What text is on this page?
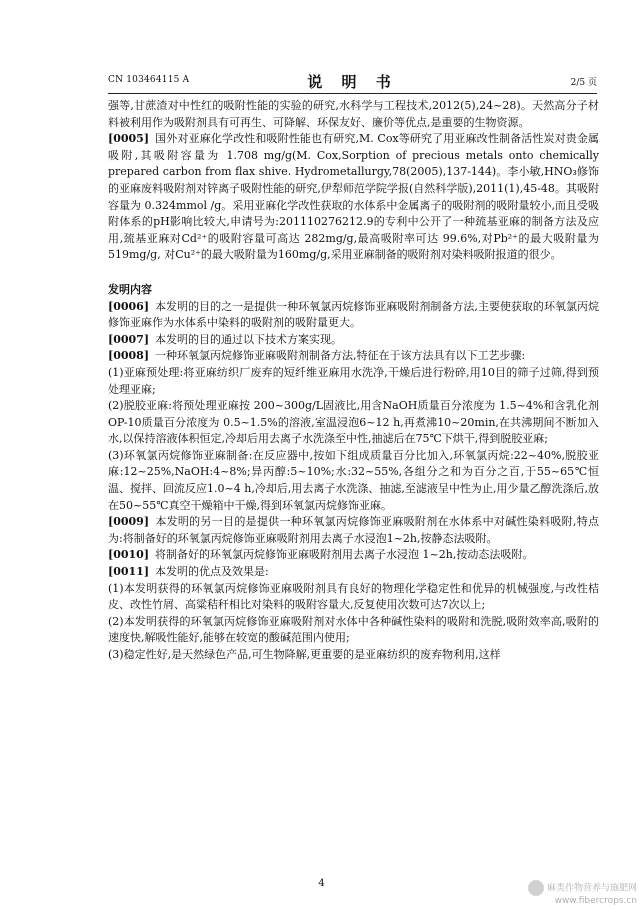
CN 103464115 A	说 明 书	2/5 页

强等,甘蔗渣对中性红的吸附性能的实验的研究,水科学与工程技术,2012(5),24~28)。天然高分子材料被利用作为吸附剂具有可再生、可降解、环保友好、廉价等优点,是重要的生物资源。

[0005] 国外对亚麻化学改性和吸附性能也有研究,M. Cox等研究了用亚麻改性制备活性炭对贵金属吸附,其吸附容量为 1.708 mg/g(M. Cox,Sorption of precious metals onto chemically prepared carbon from flax shive. Hydrometallurgy,78(2005),137-144)。李小敏,HNO₃修饰的亚麻废料吸附剂对锌离子吸附性能的研究,伊犁师范学院学报(自然科学版),2011(1),45-48。其吸附容量为 0.324mmol /g。采用亚麻化学改性获取的水体系中金属离子的吸附剂的吸附量较小,而且受吸附体系的pH影响比较大,申请号为:201110276212.9的专利中公开了一种巯基亚麻的制备方法及应用,巯基亚麻对Cd²⁺的吸附容量可高达 282mg/g,最高吸附率可达 99.6%,对Pb²⁺的最大吸附量为 519mg/g, 对Cu²⁺的最大吸附量为160mg/g,采用亚麻制备的吸附剂对染料吸附报道的很少。

发明内容

[0006] 本发明的目的之一是提供一种环氧氯丙烷修饰亚麻吸附剂制备方法,主要使获取的环氧氯丙烷修饰亚麻作为水体系中染料的吸附剂的吸附量更大。

[0007] 本发明的目的通过以下技术方案实现。

[0008] 一种环氧氯丙烷修饰亚麻吸附剂制备方法,特征在于该方法具有以下工艺步骤:

(1)亚麻预处理:将亚麻纺织厂废弃的短纤维亚麻用水洗净,干燥后进行粉碎,用10目的筛子过筛,得到预处理亚麻;

(2)脱胶亚麻:将预处理亚麻按 200~300g/L固液比,用含NaOH质量百分浓度为 1.5~4%和含乳化剂OP-10质量百分浓度为 0.5~1.5%的溶液,室温浸泡6~12 h,再煮沸10~20min,在共沸期间不断加入水,以保持溶液体积恒定,冷却后用去离子水洗涤至中性,抽滤后在75℃下烘干,得到脱胶亚麻;

(3)环氧氯丙烷修饰亚麻制备:在反应器中,按如下组成质量百分比加入,环氧氯丙烷:22~40%,脱胶亚麻:12~25%,NaOH:4~8%;异丙醇:5~10%;水:32~55%,各组分之和为百分之百,于55~65℃恒温、搅拌、回流反应1.0~4 h,冷却后,用去离子水洗涤、抽滤,至滤液呈中性为止,用少量乙醇洗涤后,放在50~55℃真空干燥箱中干燥,得到环氧氯丙烷修饰亚麻。

[0009] 本发明的另一目的是提供一种环氧氯丙烷修饰亚麻吸附剂在水体系中对碱性染料吸附,特点为:将制备好的环氧氯丙烷修饰亚麻吸附剂用去离子水浸泡1~2h,按静态法吸附。

[0010] 将制备好的环氧氯丙烷修饰亚麻吸附剂用去离子水浸泡 1~2h,按动态法吸附。

[0011] 本发明的优点及效果是:

(1)本发明获得的环氧氯丙烷修饰亚麻吸附剂具有良好的物理化学稳定性和优异的机械强度,与改性桔皮、改性竹屑、高粱秸秆相比对染料的吸附容量大,反复使用次数可达7次以上;

(2)本发明获得的环氧氯丙烷修饰亚麻吸附剂对水体中各种碱性染料的吸附和洗脱,吸附效率高,吸附的速度快,解吸性能好,能够在较宽的酸碱范围内使用;

(3)稳定性好,是天然绿色产品,可生物降解,更重要的是亚麻纺织的废弃物利用,这样

4	麻类作物营养与施肥网
www.fibercrops.cn
